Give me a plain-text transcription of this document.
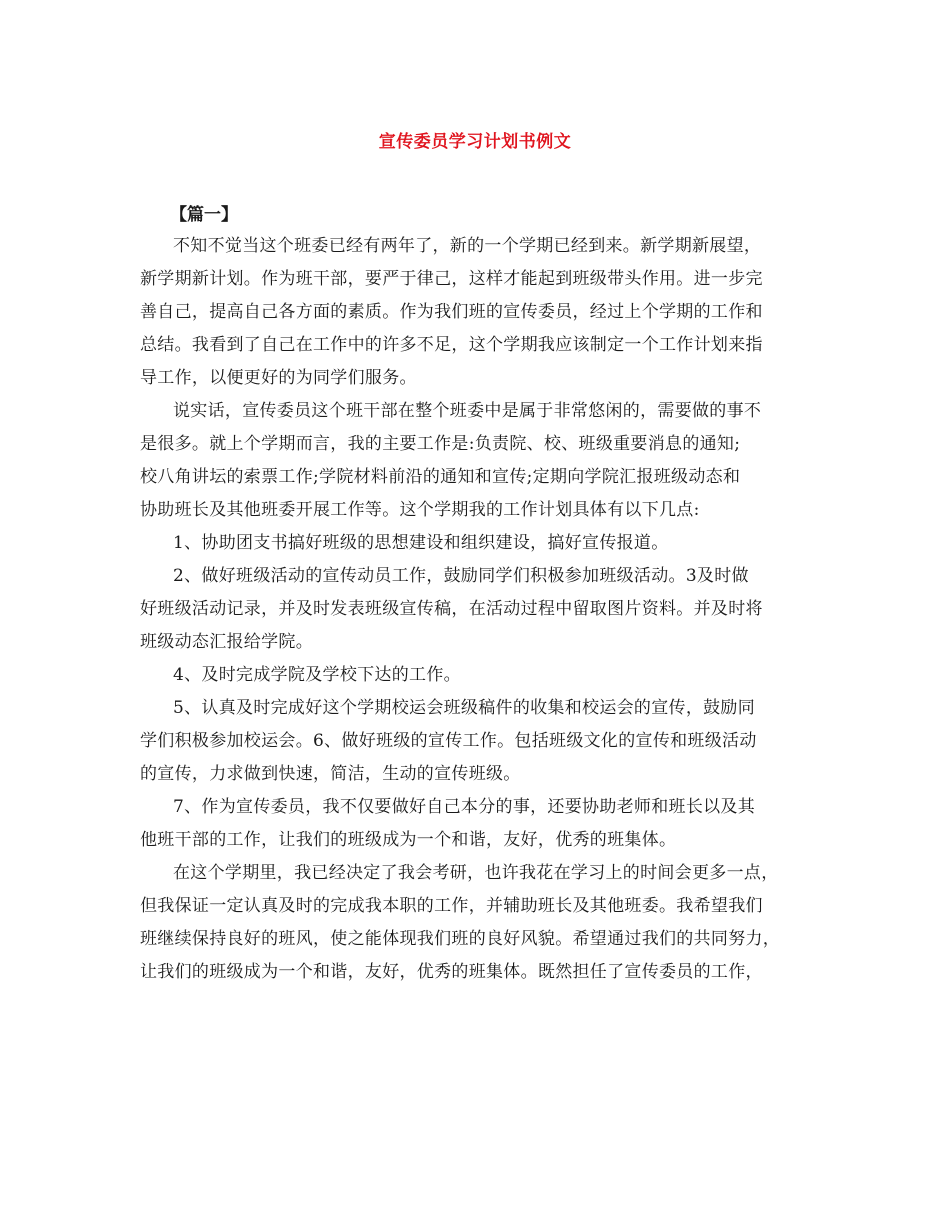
宣传委员学习计划书例文
【篇一】
不知不觉当这个班委已经有两年了，新的一个学期已经到来。新学期新展望，
新学期新计划。作为班干部，要严于律己，这样才能起到班级带头作用。进一步完
善自己，提高自己各方面的素质。作为我们班的宣传委员，经过上个学期的工作和
总结。我看到了自己在工作中的许多不足，这个学期我应该制定一个工作计划来指
导工作，以便更好的为同学们服务。
说实话，宣传委员这个班干部在整个班委中是属于非常悠闲的，需要做的事不
是很多。就上个学期而言，我的主要工作是:负责院、校、班级重要消息的通知;
校八角讲坛的索票工作;学院材料前沿的通知和宣传;定期向学院汇报班级动态和
协助班长及其他班委开展工作等。这个学期我的工作计划具体有以下几点:
1、协助团支书搞好班级的思想建设和组织建设，搞好宣传报道。
2、做好班级活动的宣传动员工作，鼓励同学们积极参加班级活动。3及时做
好班级活动记录，并及时发表班级宣传稿，在活动过程中留取图片资料。并及时将
班级动态汇报给学院。
4、及时完成学院及学校下达的工作。
5、认真及时完成好这个学期校运会班级稿件的收集和校运会的宣传，鼓励同
学们积极参加校运会。6、做好班级的宣传工作。包括班级文化的宣传和班级活动
的宣传，力求做到快速，简洁，生动的宣传班级。
7、作为宣传委员，我不仅要做好自己本分的事，还要协助老师和班长以及其
他班干部的工作，让我们的班级成为一个和谐，友好，优秀的班集体。
在这个学期里，我已经决定了我会考研，也许我花在学习上的时间会更多一点，
但我保证一定认真及时的完成我本职的工作，并辅助班长及其他班委。我希望我们
班继续保持良好的班风，使之能体现我们班的良好风貌。希望通过我们的共同努力，
让我们的班级成为一个和谐，友好，优秀的班集体。既然担任了宣传委员的工作，
